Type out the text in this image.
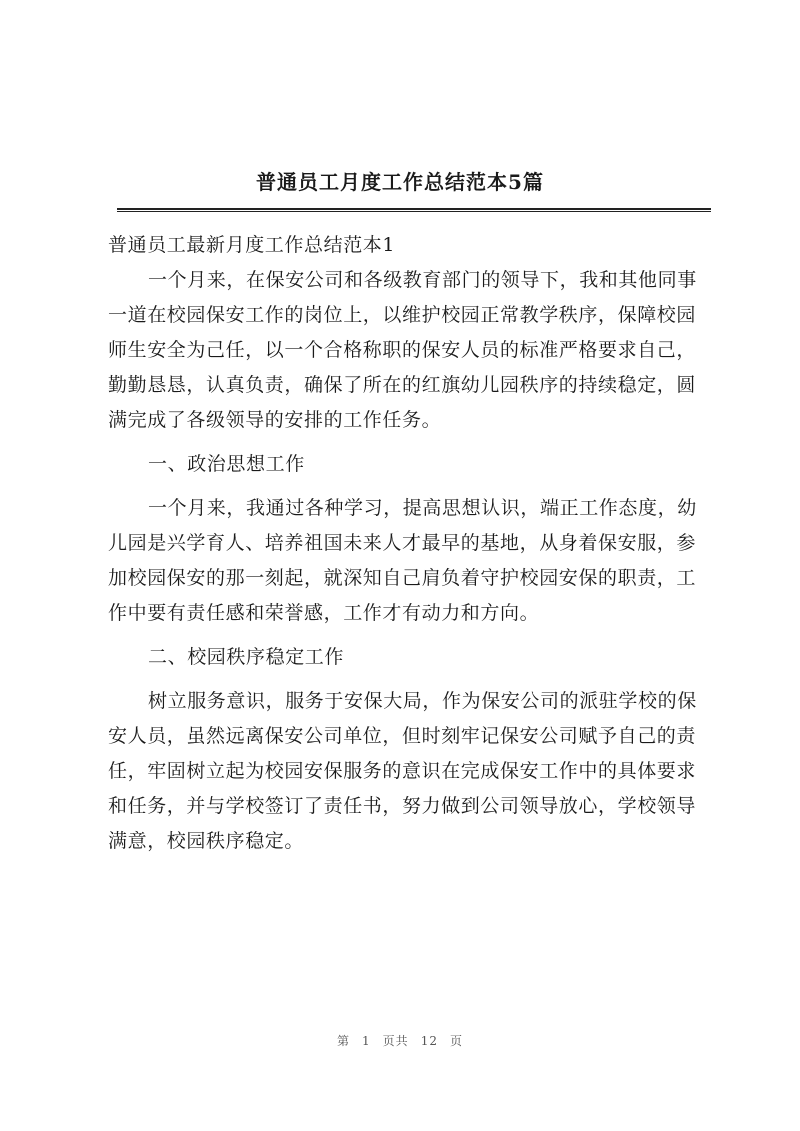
普通员工月度工作总结范本5篇

普通员工最新月度工作总结范本1

一个月来，在保安公司和各级教育部门的领导下，我和其他同事一道在校园保安工作的岗位上，以维护校园正常教学秩序，保障校园师生安全为己任，以一个合格称职的保安人员的标准严格要求自己，勤勤恳恳，认真负责，确保了所在的红旗幼儿园秩序的持续稳定，圆满完成了各级领导的安排的工作任务。

一、政治思想工作

一个月来，我通过各种学习，提高思想认识，端正工作态度，幼儿园是兴学育人、培养祖国未来人才最早的基地，从身着保安服，参加校园保安的那一刻起，就深知自己肩负着守护校园安保的职责，工作中要有责任感和荣誉感，工作才有动力和方向。

二、校园秩序稳定工作

树立服务意识，服务于安保大局，作为保安公司的派驻学校的保安人员，虽然远离保安公司单位，但时刻牢记保安公司赋予自己的责任，牢固树立起为校园安保服务的意识在完成保安工作中的具体要求和任务，并与学校签订了责任书，努力做到公司领导放心，学校领导满意，校园秩序稳定。

第 1 页共 12 页
